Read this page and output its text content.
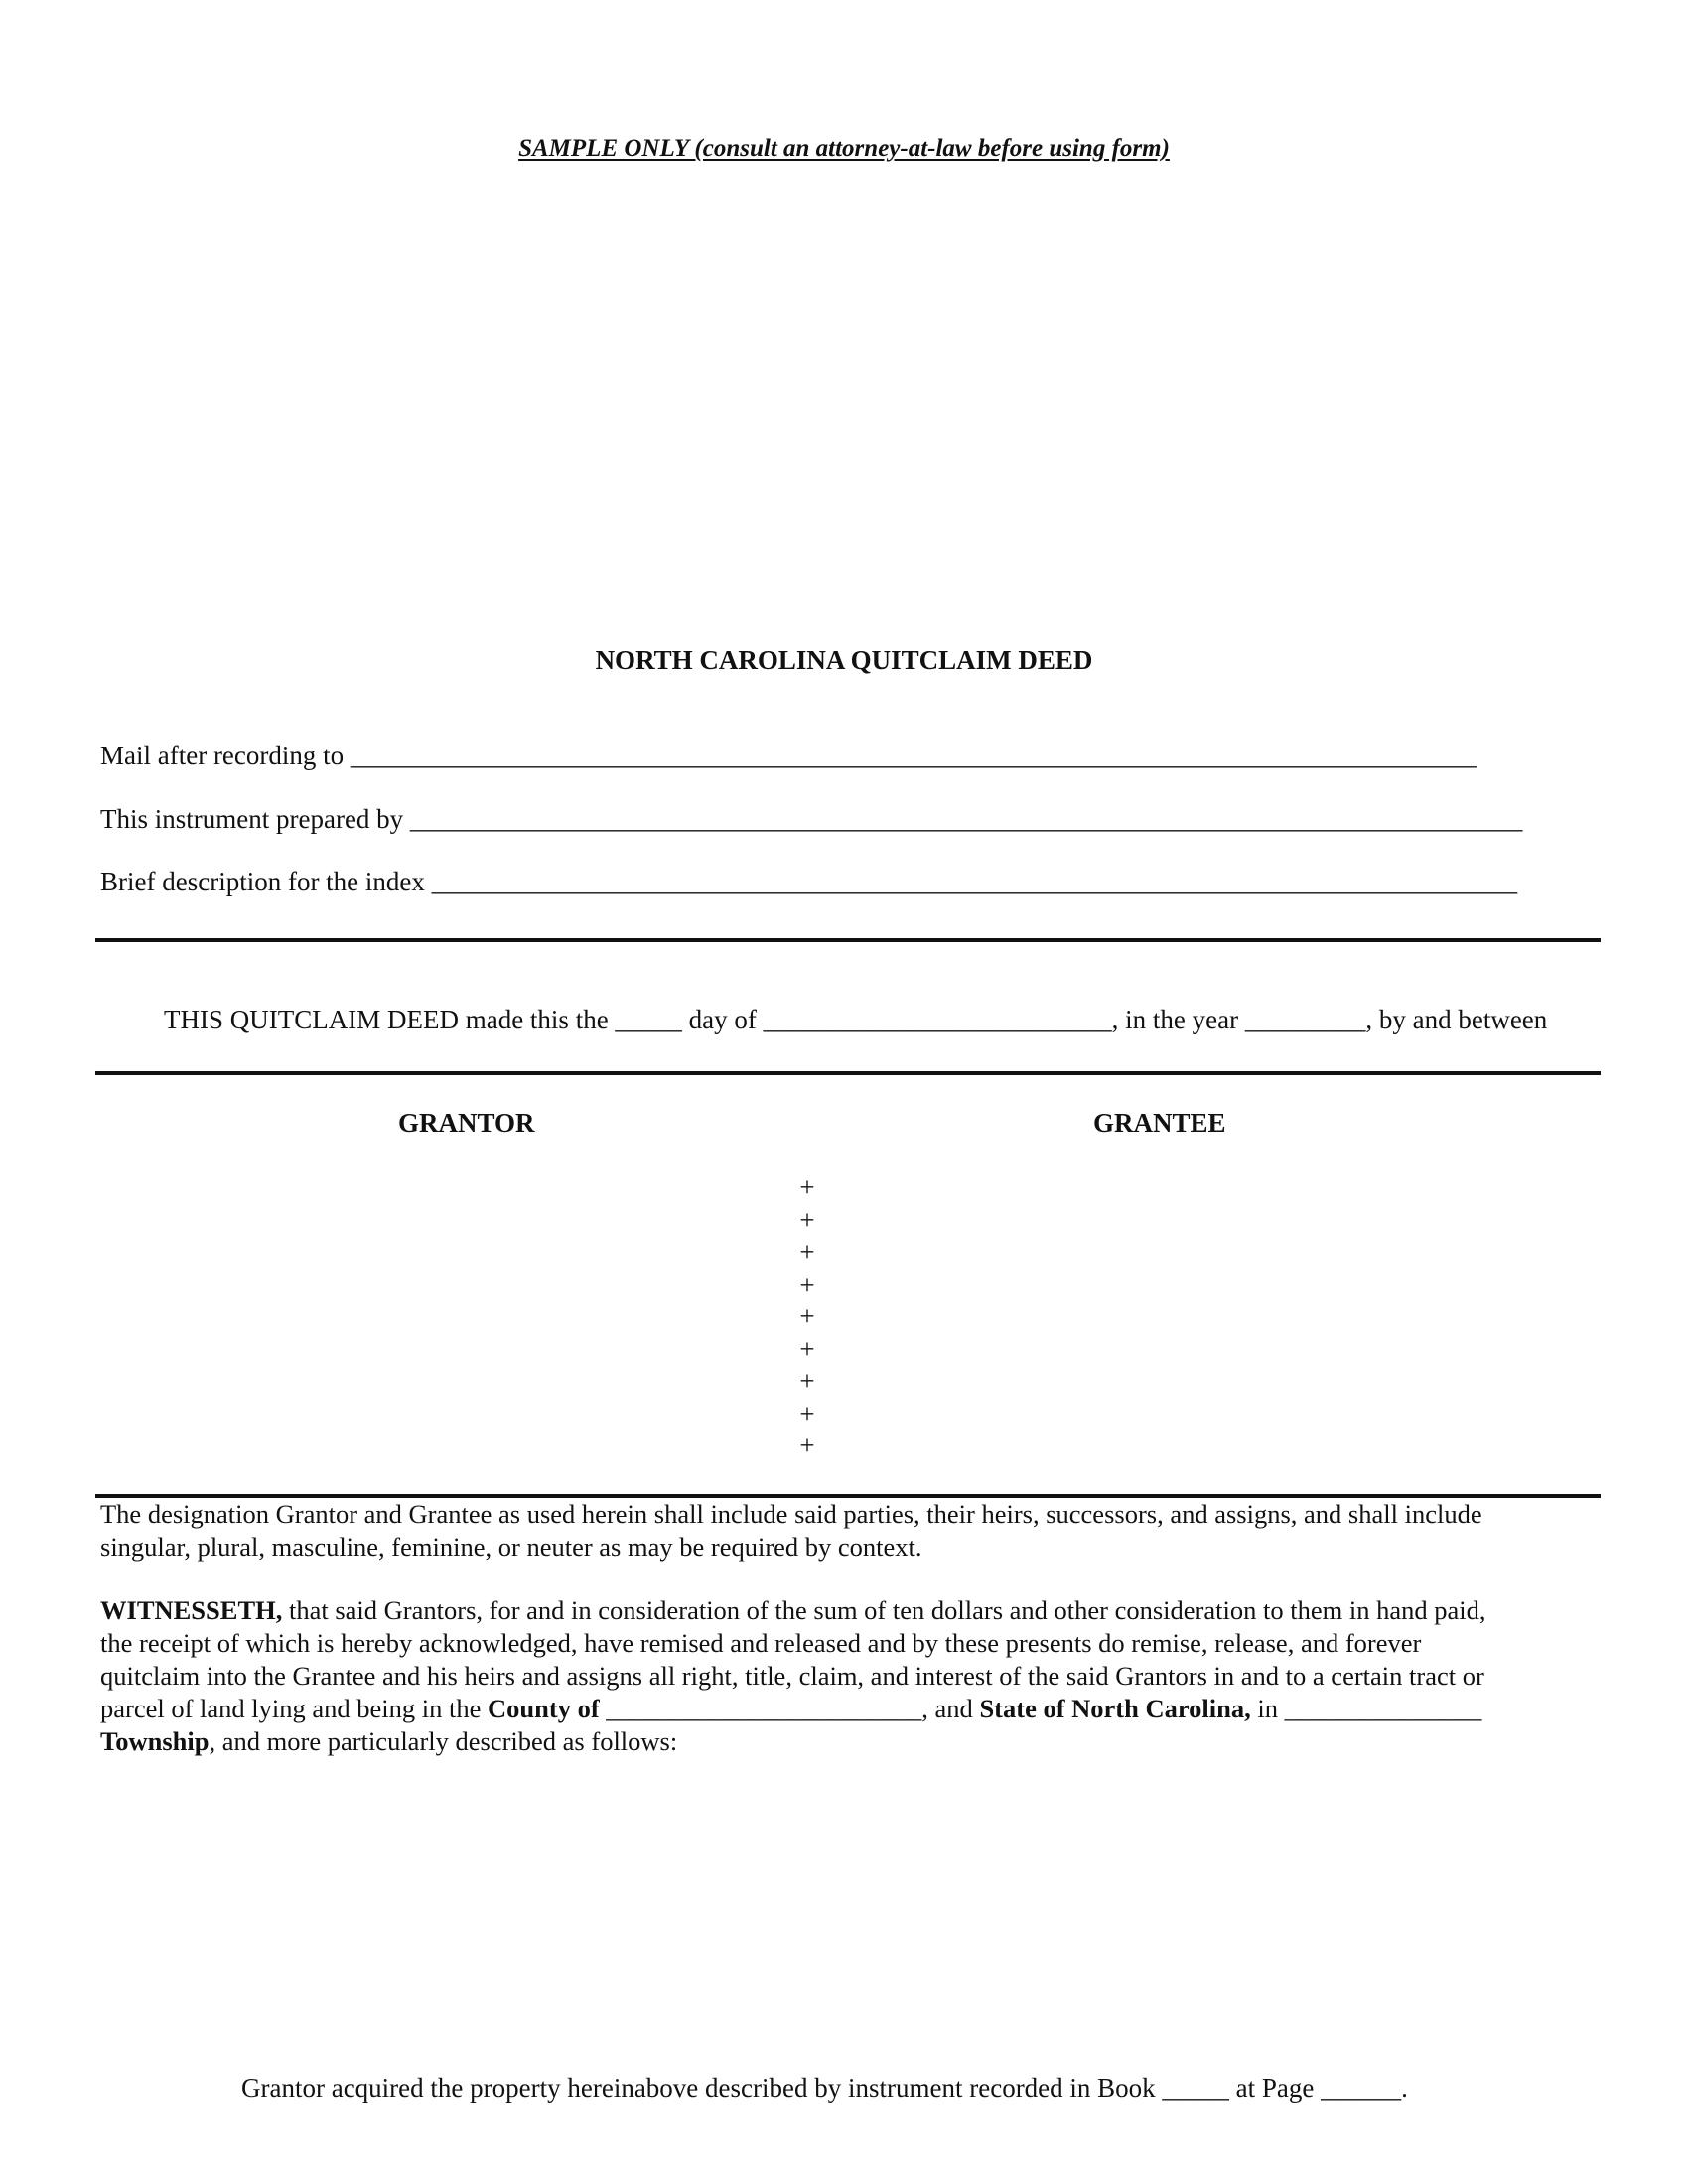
SAMPLE ONLY (consult an attorney-at-law before using form)
NORTH CAROLINA QUITCLAIM DEED
Mail after recording to ____________________________________________________________________________________
This instrument prepared by ___________________________________________________________________________________
Brief description for the index _________________________________________________________________________________
THIS QUITCLAIM DEED made this the _____ day of __________________________, in the year _________, by and between
GRANTOR	GRANTEE
+
+
+
+
+
+
+
+
+
The designation Grantor and Grantee as used herein shall include said parties, their heirs, successors, and assigns, and shall include
singular, plural, masculine, feminine, or neuter as may be required by context.
WITNESSETH, that said Grantors, for and in consideration of the sum of ten dollars and other consideration to them in hand paid,
the receipt of which is hereby acknowledged, have remised and released and by these presents do remise, release, and forever
quitclaim into the Grantee and his heirs and assigns all right, title, claim, and interest of the said Grantors in and to a certain tract or
parcel of land lying and being in the County of ________________________, and State of North Carolina, in _______________
Township, and more particularly described as follows:
Grantor acquired the property hereinabove described by instrument recorded in Book _____ at Page ______.
